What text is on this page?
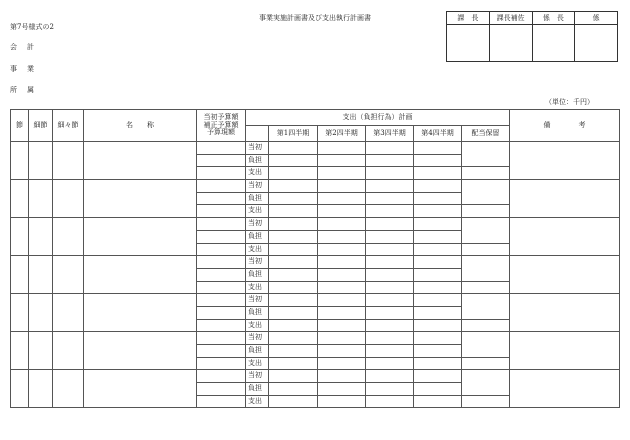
事業実施計画書及び支出執行計画書
第7号様式の2
会 計
事 業
所 属
（単位：千円）
課　長	課長補佐	係　長	係

節	細節	細々節	名　　称	当初予算額
補正予算額
予算現額	支出（負担行為）計画						備　　　　考
						第1四半期	第2四半期	第3四半期	第4四半期	配当保留	
					当初						
					負担						
					支出						
					当初						
					負担						
					支出						
					当初						
					負担						
					支出						
					当初						
					負担						
					支出						
					当初						
					負担						
					支出						
					当初						
					負担						
					支出						
					当初						
					負担						
					支出						
